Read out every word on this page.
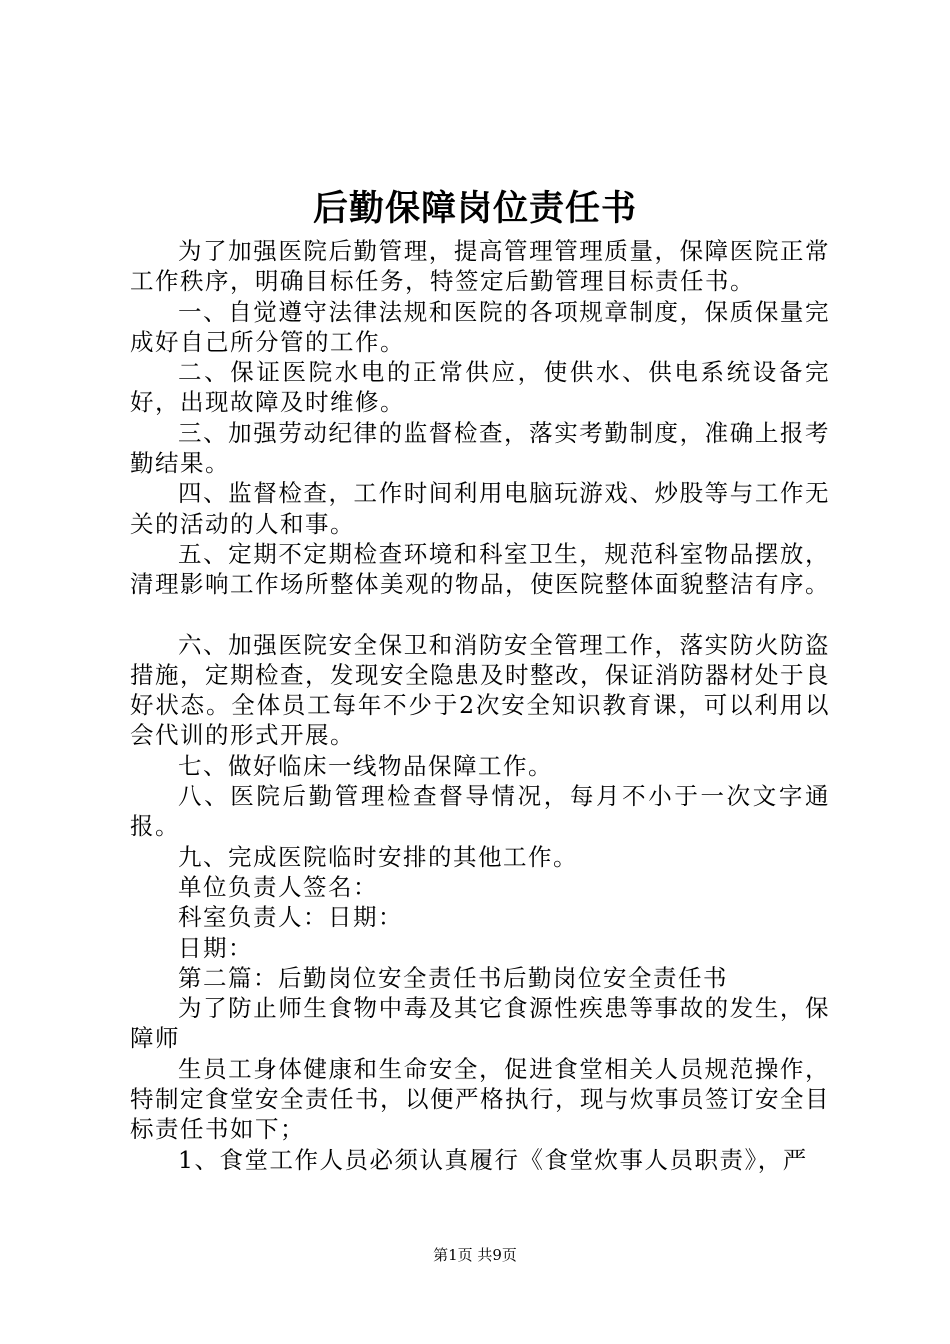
后勤保障岗位责任书

为了加强医院后勤管理，提高管理管理质量，保障医院正常工作秩序，明确目标任务，特签定后勤管理目标责任书。

一、自觉遵守法律法规和医院的各项规章制度，保质保量完成好自己所分管的工作。

二、保证医院水电的正常供应，使供水、供电系统设备完好，出现故障及时维修。

三、加强劳动纪律的监督检查，落实考勤制度，准确上报考勤结果。

四、监督检查，工作时间利用电脑玩游戏、炒股等与工作无关的活动的人和事。

五、定期不定期检查环境和科室卫生，规范科室物品摆放，清理影响工作场所整体美观的物品，使医院整体面貌整洁有序。

六、加强医院安全保卫和消防安全管理工作，落实防火防盗措施，定期检查，发现安全隐患及时整改，保证消防器材处于良好状态。全体员工每年不少于2次安全知识教育课，可以利用以会代训的形式开展。

七、做好临床一线物品保障工作。

八、医院后勤管理检查督导情况，每月不小于一次文字通报。

九、完成医院临时安排的其他工作。

单位负责人签名：

科室负责人：日期：

日期：

第二篇：后勤岗位安全责任书后勤岗位安全责任书

为了防止师生食物中毒及其它食源性疾患等事故的发生，保障师

生员工身体健康和生命安全，促进食堂相关人员规范操作，特制定食堂安全责任书，以便严格执行，现与炊事员签订安全目标责任书如下；

1、食堂工作人员必须认真履行《食堂炊事人员职责》，严

第1页 共9页
